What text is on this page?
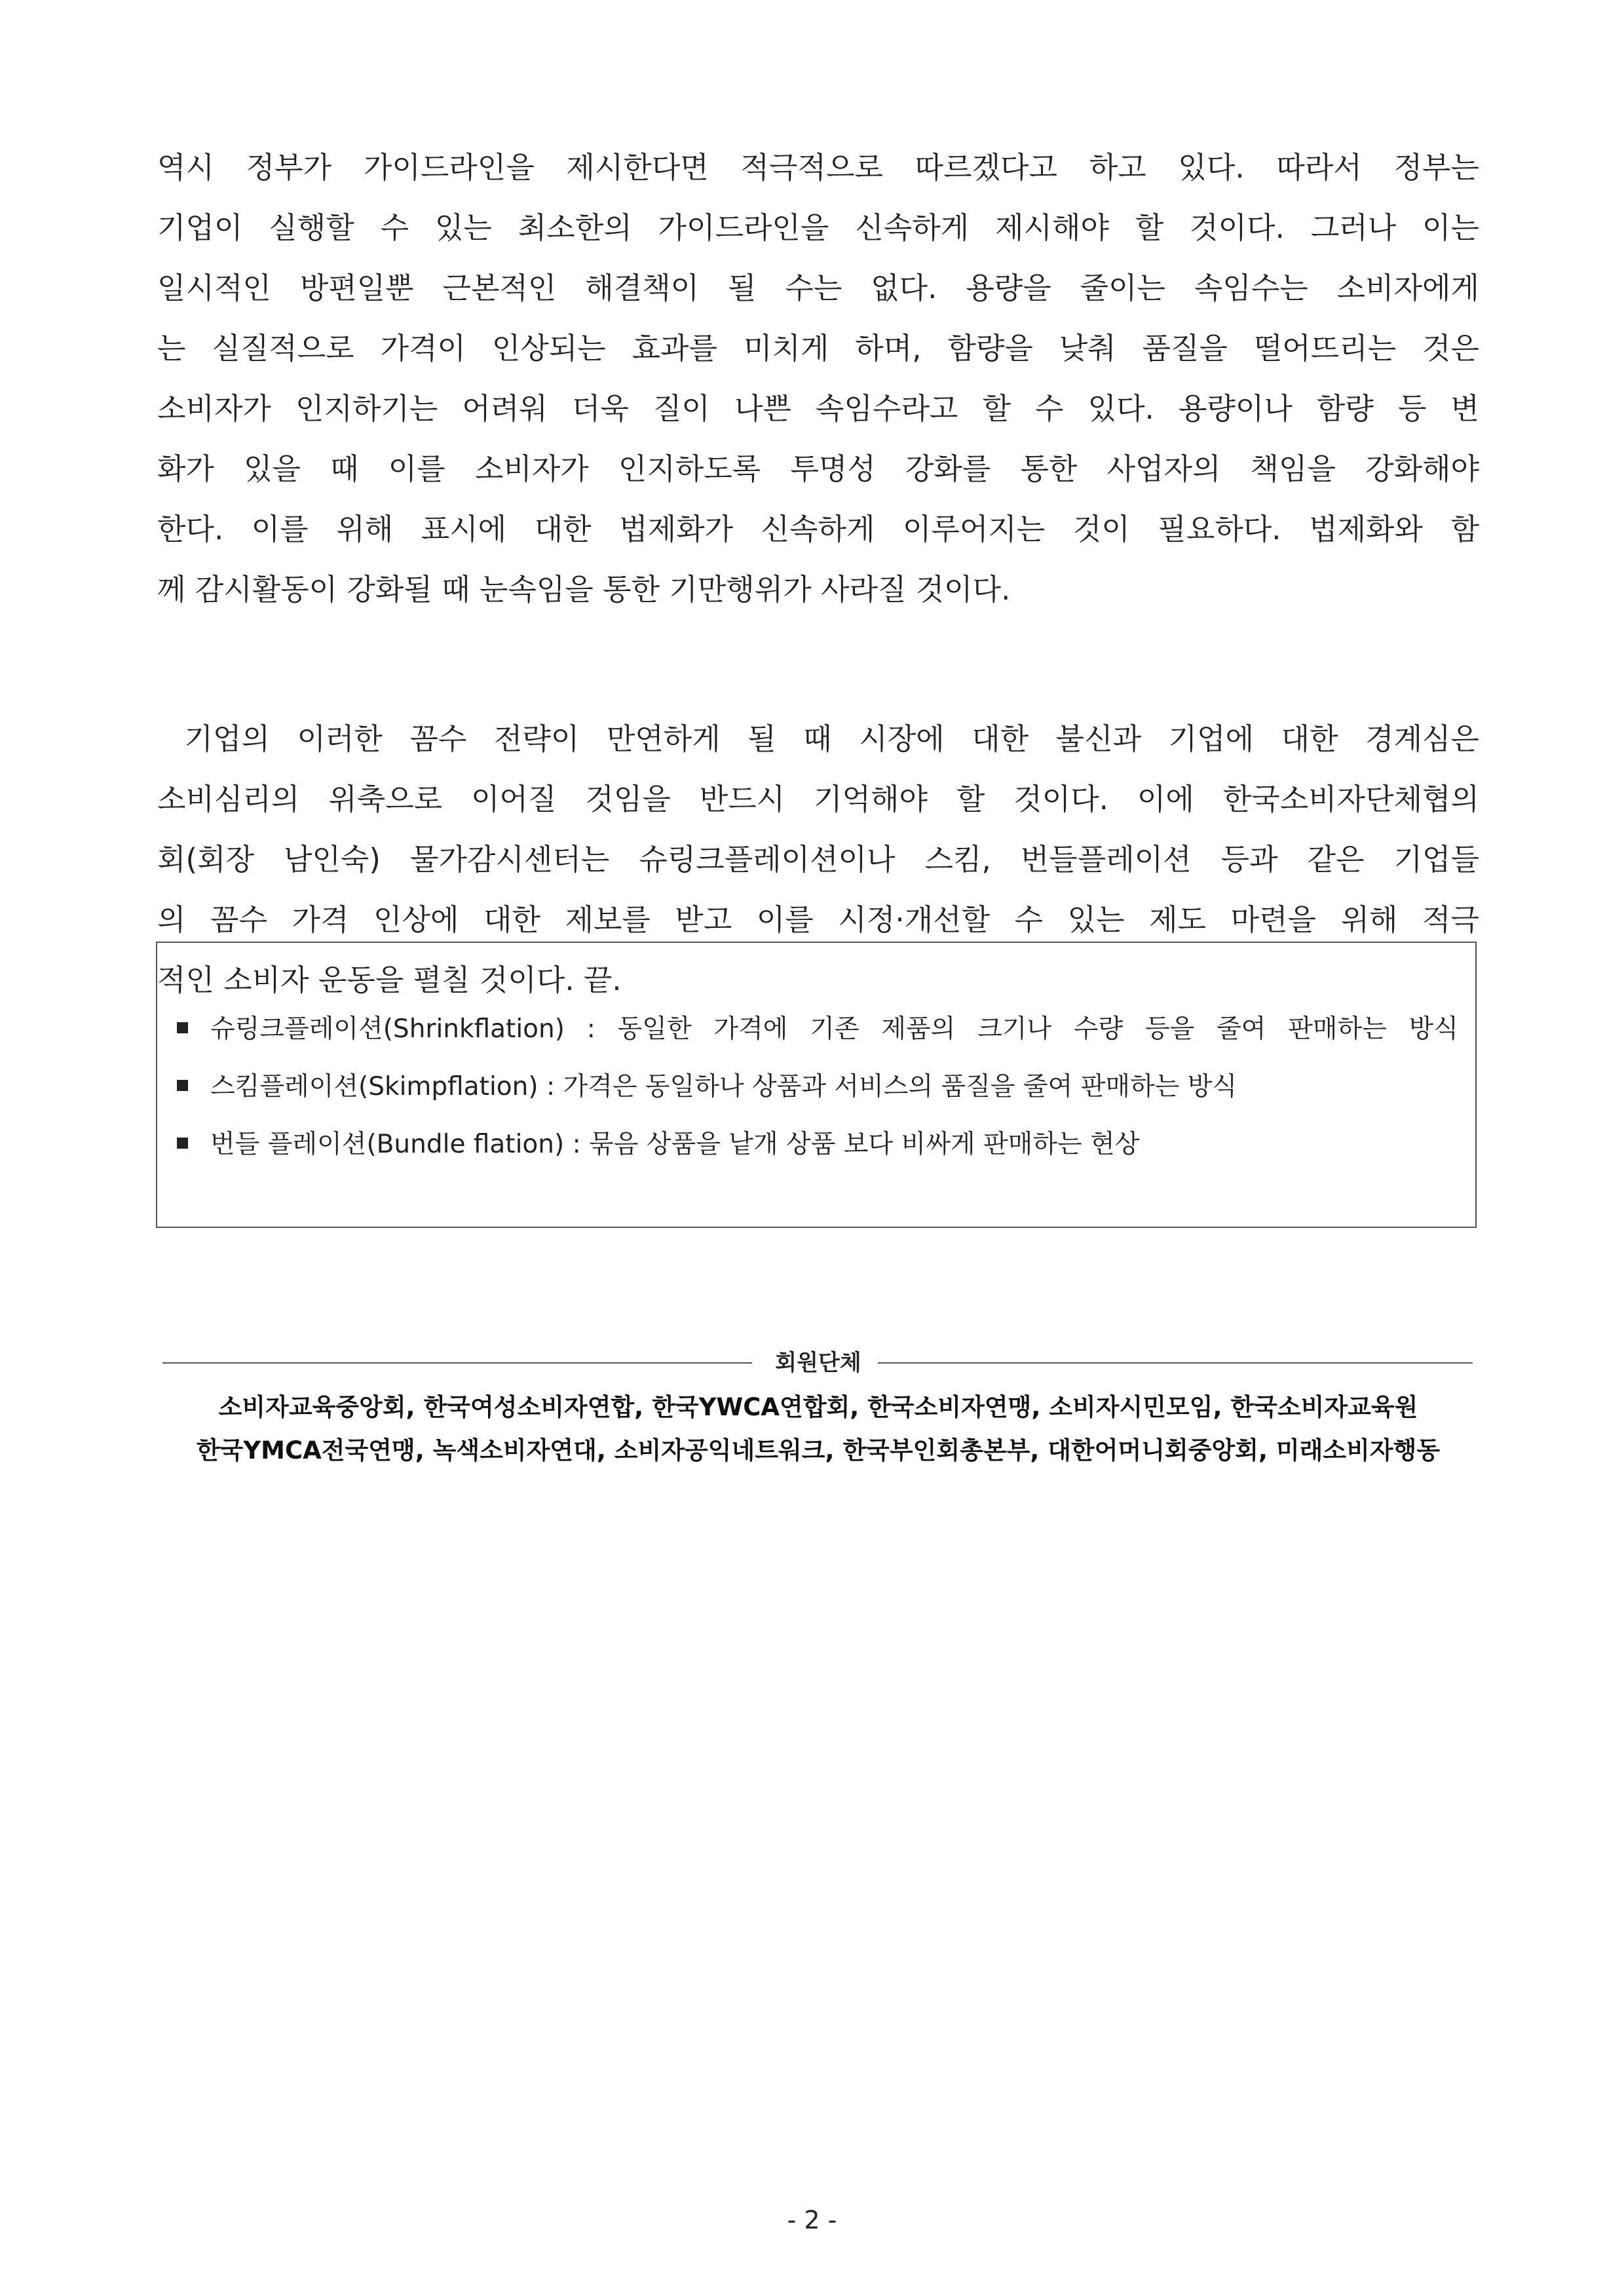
역시 정부가 가이드라인을 제시한다면 적극적으로 따르겠다고 하고 있다. 따라서 정부는
기업이 실행할 수 있는 최소한의 가이드라인을 신속하게 제시해야 할 것이다. 그러나 이는
일시적인 방편일뿐 근본적인 해결책이 될 수는 없다. 용량을 줄이는 속임수는 소비자에게
는 실질적으로 가격이 인상되는 효과를 미치게 하며, 함량을 낮춰 품질을 떨어뜨리는 것은
소비자가 인지하기는 어려워 더욱 질이 나쁜 속임수라고 할 수 있다. 용량이나 함량 등 변
화가 있을 때 이를 소비자가 인지하도록 투명성 강화를 통한 사업자의 책임을 강화해야
한다. 이를 위해 표시에 대한 법제화가 신속하게 이루어지는 것이 필요하다. 법제화와 함
께 감시활동이 강화될 때 눈속임을 통한 기만행위가 사라질 것이다.
기업의 이러한 꼼수 전략이 만연하게 될 때 시장에 대한 불신과 기업에 대한 경계심은
소비심리의 위축으로 이어질 것임을 반드시 기억해야 할 것이다. 이에 한국소비자단체협의
회(회장 남인숙) 물가감시센터는 슈링크플레이션이나 스킴, 번들플레이션 등과 같은 기업들
의 꼼수 가격 인상에 대한 제보를 받고 이를 시정·개선할 수 있는 제도 마련을 위해 적극
적인 소비자 운동을 펼칠 것이다. 끝.
슈링크플레이션(Shrinkflation) : 동일한 가격에 기존 제품의 크기나 수량 등을 줄여 판매하는 방식
스킴플레이션(Skimpflation) : 가격은 동일하나 상품과 서비스의 품질을 줄여 판매하는 방식
번들 플레이션(Bundle flation) : 묶음 상품을 낱개 상품 보다 비싸게 판매하는 현상
회원단체
소비자교육중앙회, 한국여성소비자연합, 한국YWCA연합회, 한국소비자연맹, 소비자시민모임, 한국소비자교육원
한국YMCA전국연맹, 녹색소비자연대, 소비자공익네트워크, 한국부인회총본부, 대한어머니회중앙회, 미래소비자행동
- 2 -
